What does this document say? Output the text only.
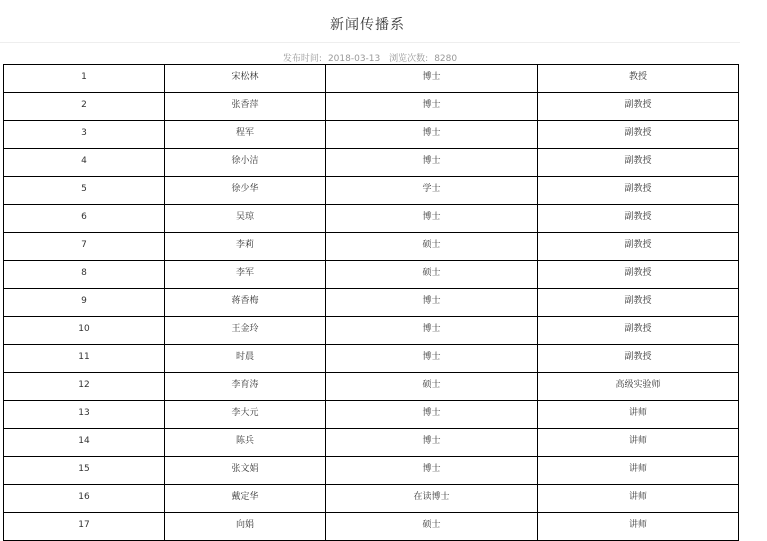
新闻传播系
发布时间: 2018-03-13 浏览次数: 8280
1	宋松林	博士	教授
2	张香萍	博士	副教授
3	程军	博士	副教授
4	徐小洁	博士	副教授
5	徐少华	学士	副教授
6	吴琼	博士	副教授
7	李莉	硕士	副教授
8	李军	硕士	副教授
9	蒋香梅	博士	副教授
10	王金玲	博士	副教授
11	时晨	博士	副教授
12	李育涛	硕士	高级实验师
13	李大元	博士	讲师
14	陈兵	博士	讲师
15	张文娟	博士	讲师
16	戴定华	在读博士	讲师
17	向娟	硕士	讲师
